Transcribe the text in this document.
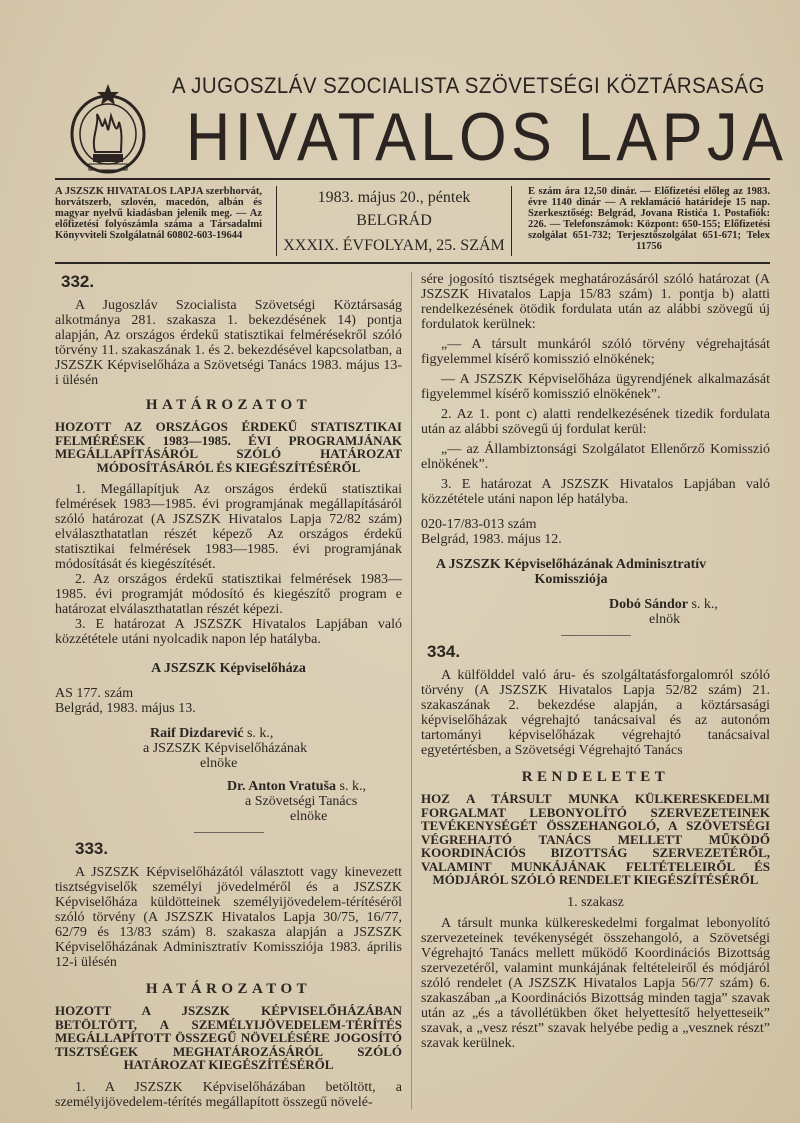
A JUGOSZLÁV SZOCIALISTA SZÖVETSÉGI KÖZTÁRSASÁG
HIVATALOS LAPJA
A JSZSZK HIVATALOS LAPJA szerbhorvát, horvátszerb, szlovén, macedón, albán és magyar nyelvű kiadásban jelenik meg. — Az előfizetési folyószámla száma a Társadalmi Könyvviteli Szolgálatnál 60802-603-19644
1983. május 20., péntek
BELGRÁD
XXXIX. ÉVFOLYAM, 25. SZÁM
E szám ára 12,50 dinár. — Előfizetési előleg az 1983. évre 1140 dinár — A reklamáció határideje 15 nap. Szerkesztőség: Belgrád, Jovana Ristića 1. Postafiók: 226. — Telefonszámok: Központ: 650-155; Előfizetési szolgálat 651-732; Terjesztőszolgálat 651-671; Telex 11756
332.

A Jugoszláv Szocialista Szövetségi Köztársaság alkotmánya 281. szakasza 1. bekezdésének 14) pontja alapján, Az országos érdekű statisztikai felmérésekről szóló törvény 11. szakaszának 1. és 2. bekezdésével kapcsolatban, a JSZSZK Képviselőháza a Szövetségi Tanács 1983. május 13-i ülésén

HATÁROZATOT
HOZOTT AZ ORSZÁGOS ÉRDEKŰ STATISZTIKAI FELMÉRÉSEK 1983—1985. ÉVI PROGRAMJÁNAK MEGÁLLAPÍTÁSÁRÓL SZÓLÓ HATÁROZAT MÓDOSÍTÁSÁRÓL ÉS KIEGÉSZÍTÉSÉRŐL

1. Megállapítjuk Az országos érdekű statisztikai felmérések 1983—1985. évi programjának megállapításáról szóló határozat (A JSZSZK Hivatalos Lapja 72/82 szám) elválaszthatatlan részét képező Az országos érdekű statisztikai felmérések 1983—1985. évi programjának módosítását és kiegészítését.

2. Az országos érdekű statisztikai felmérések 1983—1985. évi programját módosító és kiegészítő program e határozat elválaszthatatlan részét képezi.

3. E határozat A JSZSZK Hivatalos Lapjában való közzététele utáni nyolcadik napon lép hatályba.

A JSZSZK Képviselőháza
AS 177. szám
Belgrád, 1983. május 13.
Raif Dizdarević s. k.,
a JSZSZK Képviselőházának
elnöke
Dr. Anton Vratuša s. k.,
a Szövetségi Tanács
elnöke
333.

A JSZSZK Képviselőházától választott vagy kinevezett tisztségviselők személyi jövedelméről és a JSZSZK Képviselőháza küldötteinek személyijövedelem-térítéséről szóló törvény (A JSZSZK Hivatalos Lapja 30/75, 16/77, 62/79 és 13/83 szám) 8. szakasza alapján a JSZSZK Képviselőházának Adminisztratív Komissziója 1983. április 12-i ülésén

HATÁROZATOT
HOZOTT A JSZSZK KÉPVISELŐHÁZÁBAN BETÖLTÖTT, A SZEMÉLYIJÖVEDELEM-TÉRÍTÉS MEGÁLLAPÍTOTT ÖSSZEGŰ NÖVELÉSÉRE JOGOSÍTÓ TISZTSÉGEK MEGHATÁROZÁSÁRÓL SZÓLÓ HATÁROZAT KIEGÉSZÍTÉSÉRŐL

1. A JSZSZK Képviselőházában betöltött, a személyijövedelem-térítés megállapított összegű növelé-

sére jogosító tisztségek meghatározásáról szóló határozat (A JSZSZK Hivatalos Lapja 15/83 szám) 1. pontja b) alatti rendelkezésének ötödik fordulata után az alábbi szövegű új fordulatok kerülnek:

„— A társult munkáról szóló törvény végrehajtását figyelemmel kísérő komisszió elnökének;

— A JSZSZK Képviselőháza ügyrendjének alkalmazását figyelemmel kísérő komisszió elnökének”.

2. Az 1. pont c) alatti rendelkezésének tizedik fordulata után az alábbi szövegű új fordulat kerül:

„— az Állambiztonsági Szolgálatot Ellenőrző Komisszió elnökének”.

3. E határozat A JSZSZK Hivatalos Lapjában való közzététele utáni napon lép hatályba.

020-17/83-013 szám
Belgrád, 1983. május 12.
A JSZSZK Képviselőházának Adminisztratív Komissziója
Dobó Sándor s. k.,
elnök
334.

A külfölddel való áru- és szolgáltatásforgalomról szóló törvény (A JSZSZK Hivatalos Lapja 52/82 szám) 21. szakaszának 2. bekezdése alapján, a köztársasági képviselőházak végrehajtó tanácsaival és az autonóm tartományi képviselőházak végrehajtó tanácsaival egyetértésben, a Szövetségi Végrehajtó Tanács

RENDELETET
HOZ A TÁRSULT MUNKA KÜLKERESKEDELMI FORGALMAT LEBONYOLÍTÓ SZERVEZETEINEK TEVÉKENYSÉGÉT ÖSSZEHANGOLÓ, A SZÖVETSÉGI VÉGREHAJTÓ TANÁCS MELLETT MŰKÖDŐ KOORDINÁCIÓS BIZOTTSÁG SZERVEZETÉRŐL, VALAMINT MUNKÁJÁNAK FELTÉTELEIRŐL ÉS MÓDJÁRÓL SZÓLÓ RENDELET KIEGÉSZÍTÉSÉRŐL
1. szakasz

A társult munka külkereskedelmi forgalmat lebonyolító szervezeteinek tevékenységét összehangoló, a Szövetségi Végrehajtó Tanács mellett működő Koordinációs Bizottság szervezetéről, valamint munkájának feltételeiről és módjáról szóló rendelet (A JSZSZK Hivatalos Lapja 56/77 szám) 6. szakaszában „a Koordinációs Bizottság minden tagja” szavak után az „és a távollétükben őket helyettesítő helyetteseik” szavak, a „vesz részt” szavak helyébe pedig a „vesznek részt” szavak kerülnek.
